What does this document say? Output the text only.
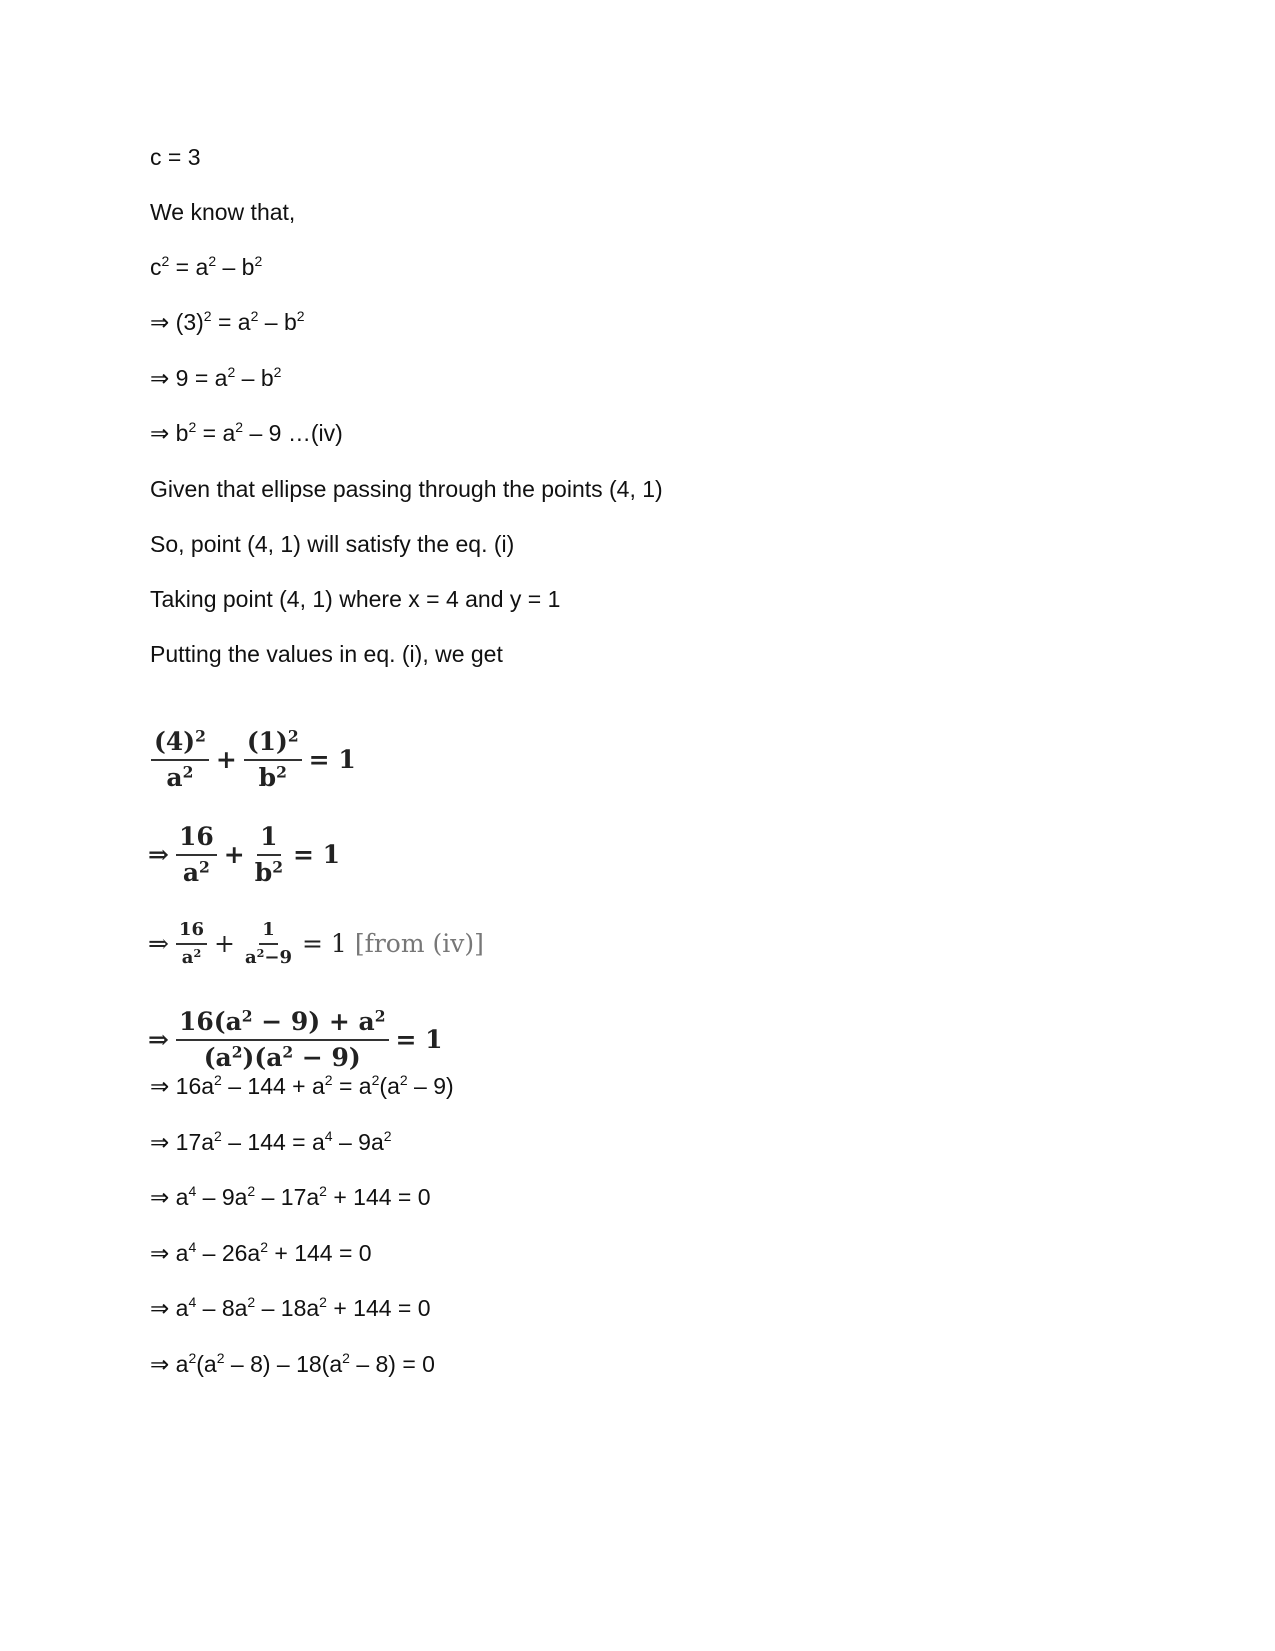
c = 3
We know that,
$c^2 = a^2 - b^2$
⇒ $(3)^2 = a^2 - b^2$
⇒ $9 = a^2 - b^2$
⇒ $b^2 = a^2 - 9$ …(iv)
Given that ellipse passing through the points (4, 1)
So, point (4, 1) will satisfy the eq. (i)
Taking point (4, 1) where x = 4 and y = 1
Putting the values in eq. (i), we get
$\frac{(4)^2}{a^2} + \frac{(1)^2}{b^2} = 1$
⇒ $\frac{16}{a^2} + \frac{1}{b^2} = 1$
⇒ $\frac{16}{a^2} + \frac{1}{a^2-9} = 1$ [from (iv)]
⇒ $\frac{16(a^2 - 9) + a^2}{(a^2)(a^2 - 9)} = 1$
⇒ $16a^2 - 144 + a^2 = a^2(a^2 - 9)$
⇒ $17a^2 - 144 = a^4 - 9a^2$
⇒ $a^4 - 9a^2 - 17a^2 + 144 = 0$
⇒ $a^4 - 26a^2 + 144 = 0$
⇒ $a^4 - 8a^2 - 18a^2 + 144 = 0$
⇒ $a^2(a^2 - 8) - 18(a^2 - 8) = 0$
